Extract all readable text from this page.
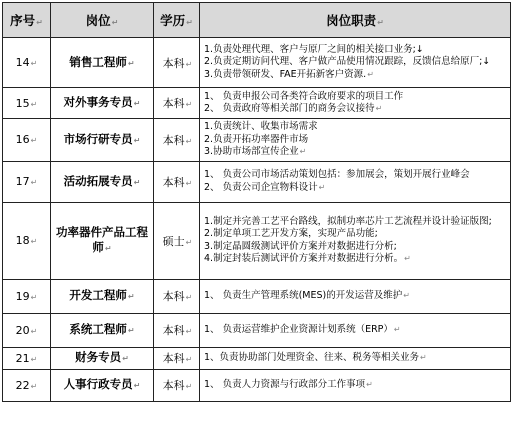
序号↵	岗位↵	学历↵	岗位职责↵
14↵	销售工程师↵	本科↵	1.负责处理代理、客户与原厂之间的相关接口业务;↓
2.负责定期访问代理、客户做产品使用情况跟踪，反馈信息给原厂;↓
3.负责带领研发、FAE开拓新客户资源.↵

15↵	对外事务专员↵	本科↵	1、 负责申报公司各类符合政府要求的项目工作
2、 负责政府等相关部门的商务会议接待↵

16↵	市场行研专员↵	本科↵	1.负责统计、收集市场需求
2.负责开拓功率器件市场
3.协助市场部宣传企业↵

17↵	活动拓展专员↵	本科↵	1、 负责公司市场活动策划包括：参加展会，策划开展行业峰会
2、 负责公司企宣物料设计↵

18↵	功率器件产品工程师↵	硕士↵	1.制定并完善工艺平台路线，拟制功率芯片工艺流程并设计验证版图;
2.制定单项工艺开发方案，实现产品功能;
3.制定晶圆级测试评价方案并对数据进行分析;
4.制定封装后测试评价方案并对数据进行分析。↵

19↵	开发工程师↵	本科↵	1、 负责生产管理系统(MES)的开发运营及维护↵

20↵	系统工程师↵	本科↵	1、 负责运营维护企业资源计划系统（ERP）↵

21↵	财务专员↵	本科↵	1、负责协助部门处理资金、往来、税务等相关业务↵

22↵	人事行政专员↵	本科↵	1、 负责人力资源与行政部分工作事项↵
